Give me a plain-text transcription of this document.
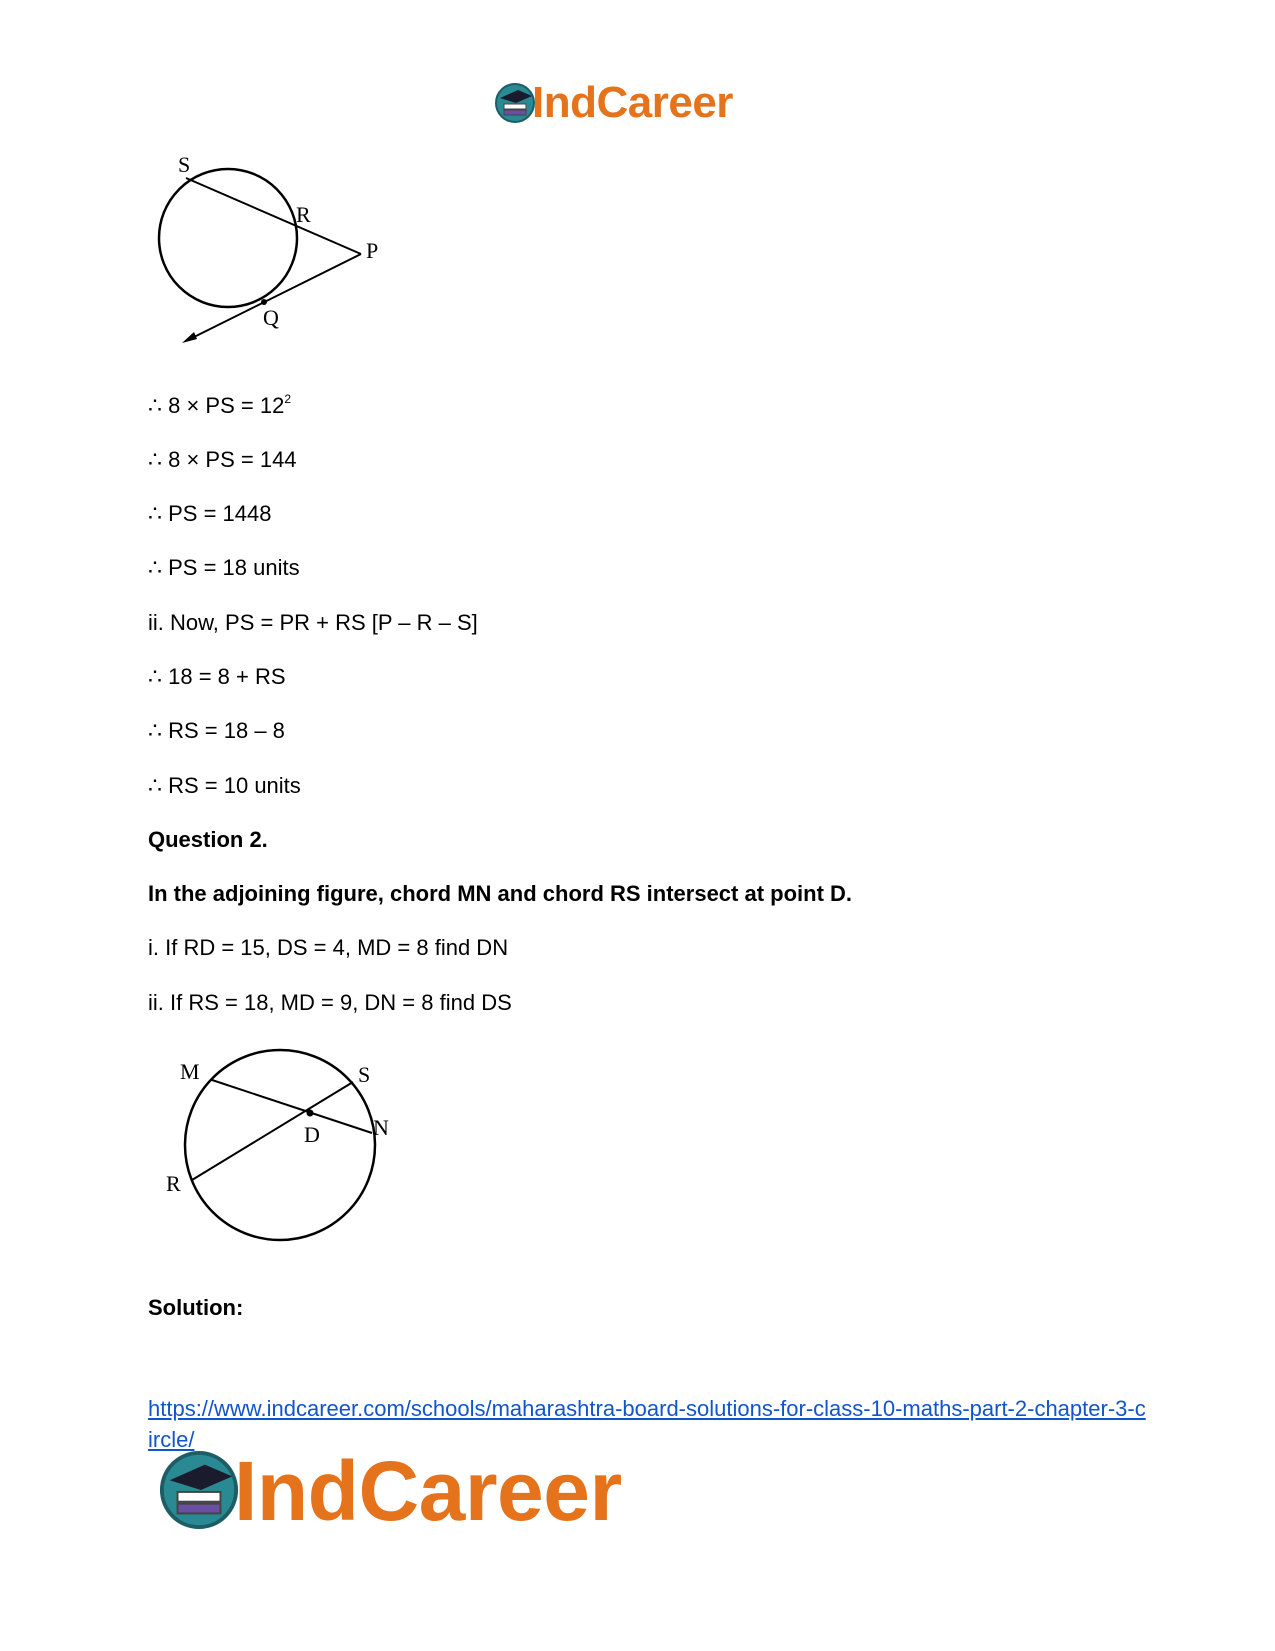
IndCareer
S
R
P
Q
∴ 8 × PS = $12^2$
∴ 8 × PS = 144
∴ PS = 1448
∴ PS = 18 units
ii. Now, PS = PR + RS [P – R – S]
∴ 18 = 8 + RS
∴ RS = 18 – 8
∴ RS = 10 units
Question 2.
In the adjoining figure, chord MN and chord RS intersect at point D.
i. If RD = 15, DS = 4, MD = 8 find DN
ii. If RS = 18, MD = 9, DN = 8 find DS
M	S
N
D
R
Solution:
https://www.indcareer.com/schools/maharashtra-board-solutions-for-class-10-maths-part-2-chapter-3-circle/
IndCareer
